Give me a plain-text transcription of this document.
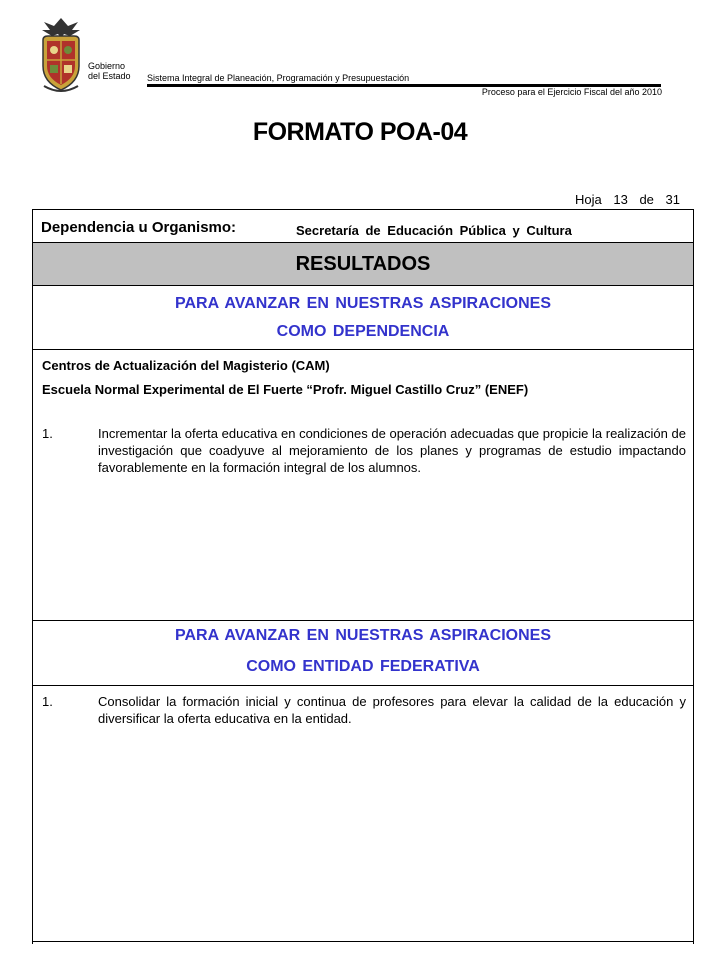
Gobierno
del Estado Sistema Integral de Planeación, Programación y Presupuestación
Proceso para el Ejercicio Fiscal del año 2010
FORMATO POA-04
Hoja 13 de 31
Dependencia u Organismo:	Secretaría de Educación Pública y Cultura
RESULTADOS
PARA AVANZAR EN NUESTRAS ASPIRACIONES
COMO DEPENDENCIA
Centros de Actualización del Magisterio (CAM)
Escuela Normal Experimental de El Fuerte “Profr. Miguel Castillo Cruz” (ENEF)
1.	Incrementar la oferta educativa en condiciones de operación adecuadas que propicie la realización de investigación que coadyuve al mejoramiento de los planes y programas de estudio impactando favorablemente en la formación integral de los alumnos.
PARA AVANZAR EN NUESTRAS ASPIRACIONES
COMO ENTIDAD FEDERATIVA
1.	Consolidar la formación inicial y continua de profesores para elevar la calidad de la educación y diversificar la oferta educativa en la entidad.
